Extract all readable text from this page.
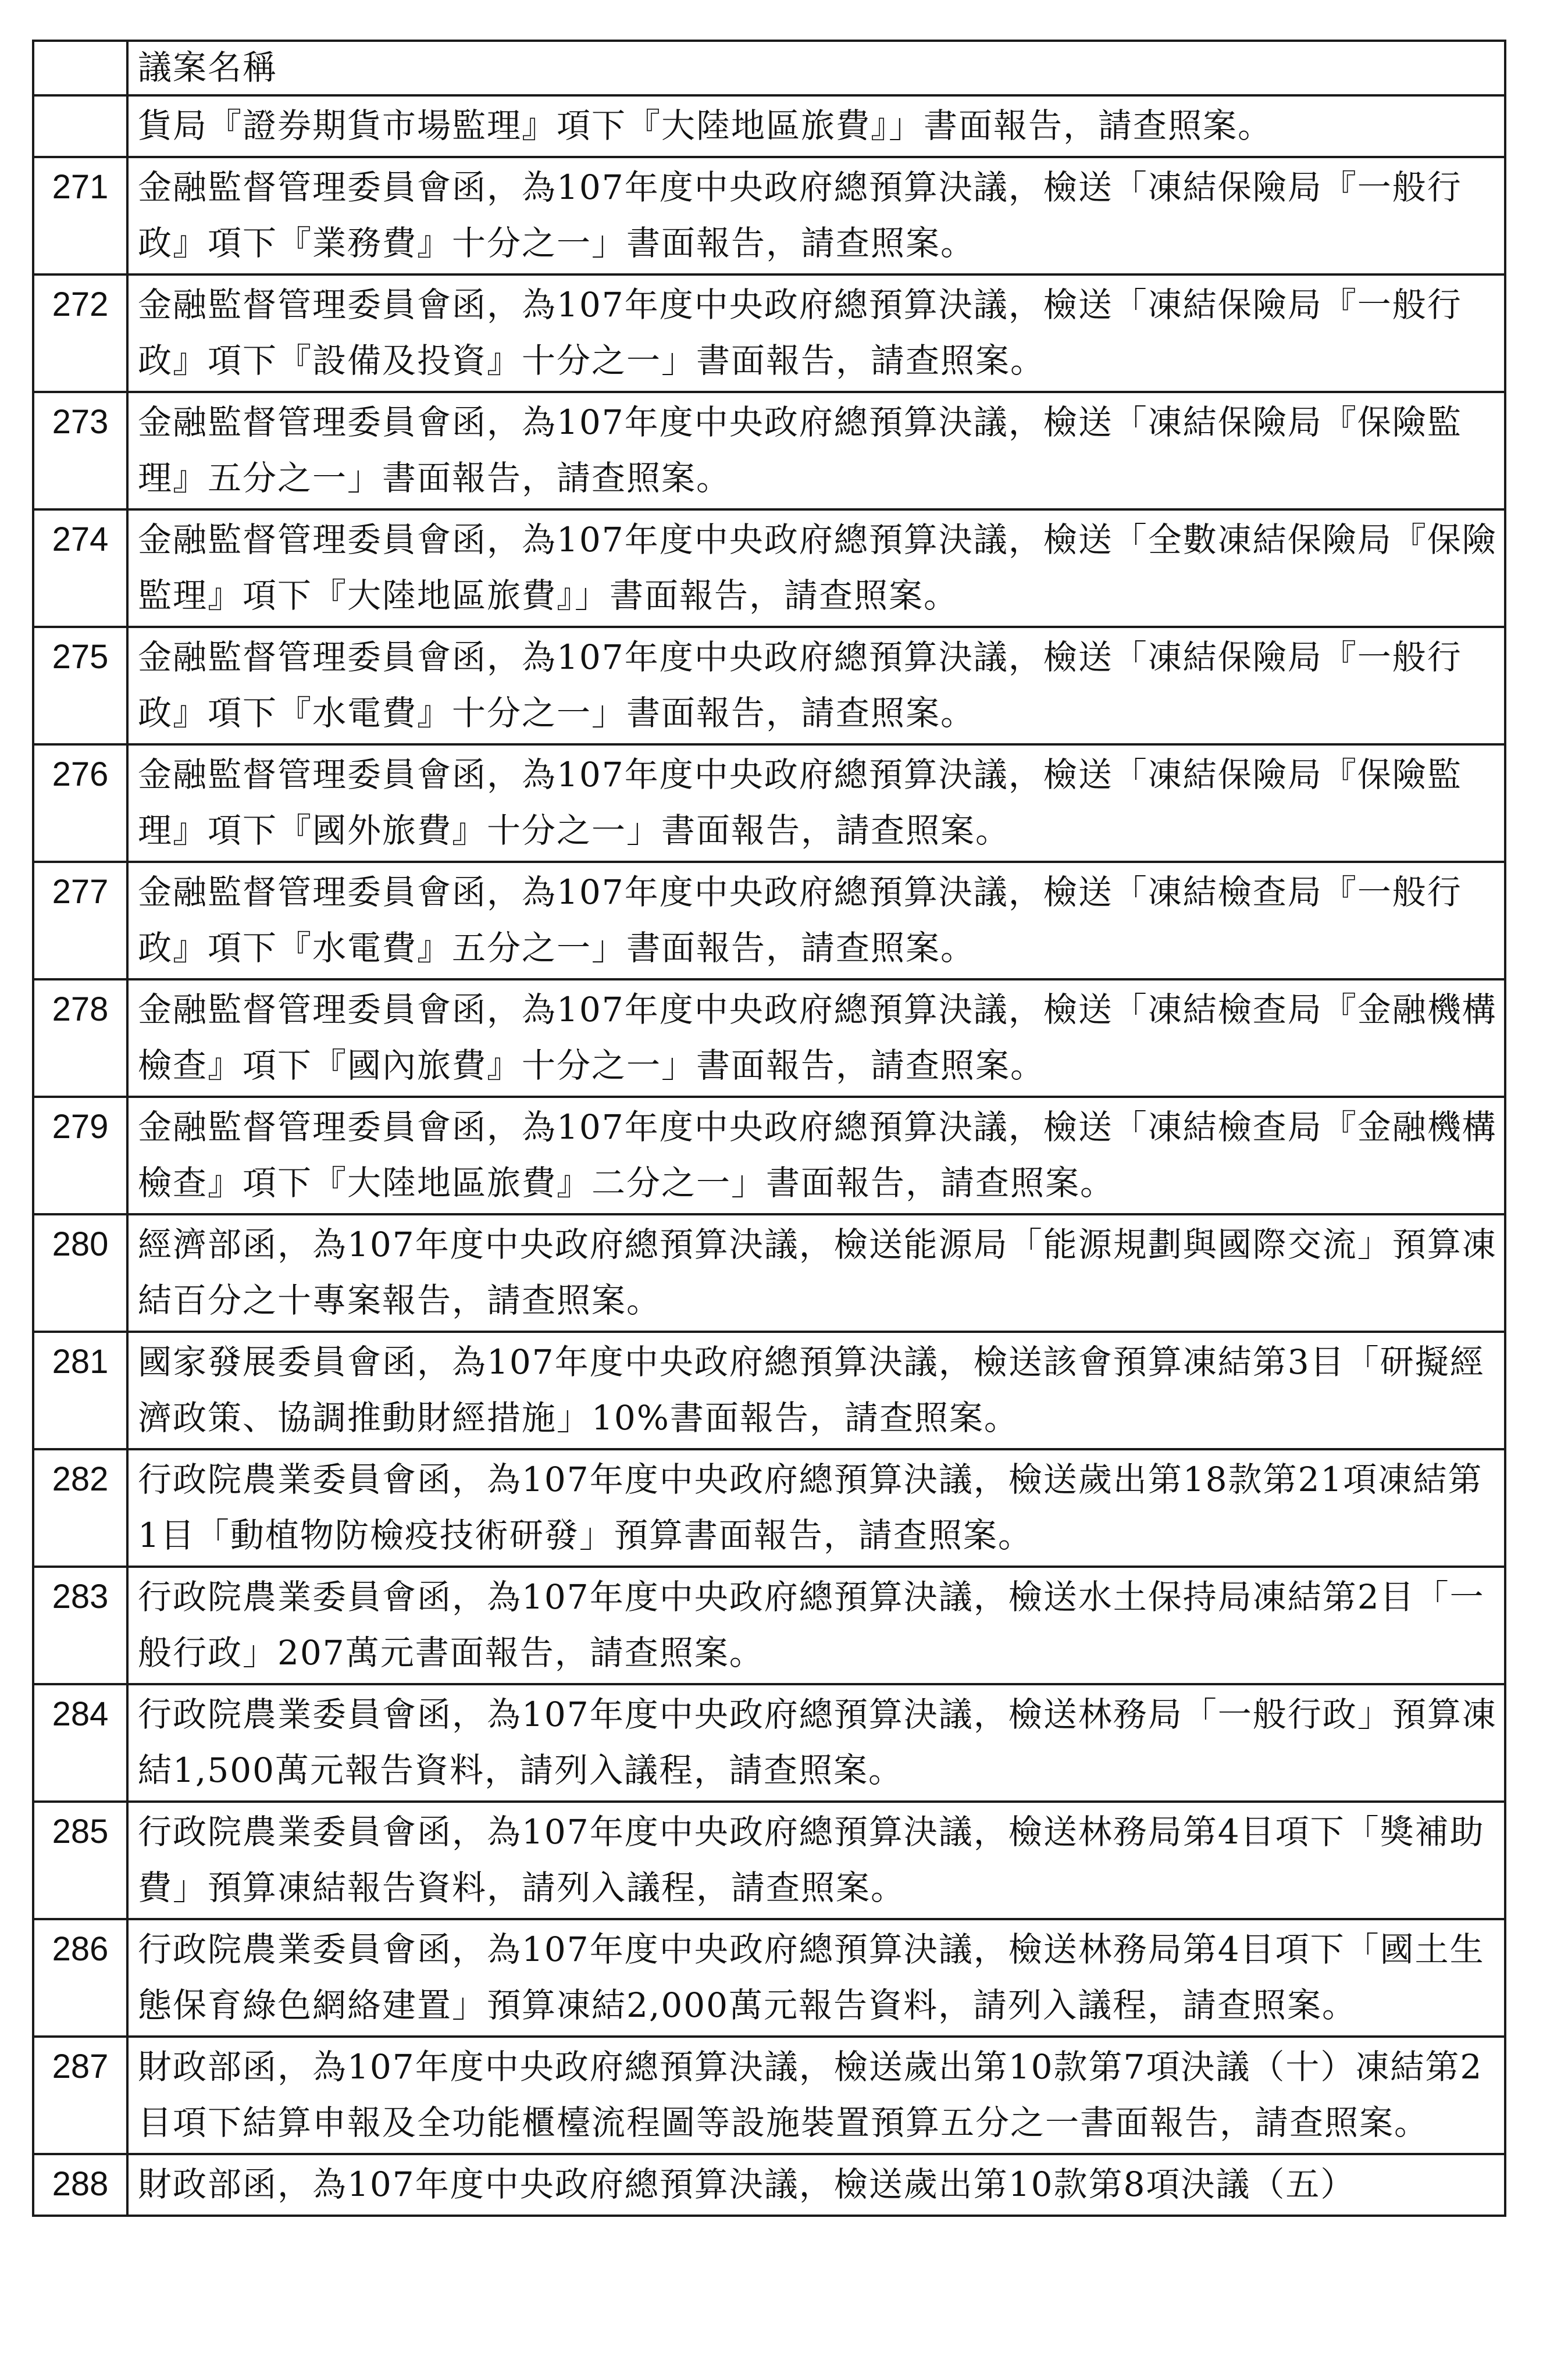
	議案名稱
	貨局『證券期貨市場監理』項下『大陸地區旅費』」書面報告，請查照案。
271	金融監督管理委員會函，為107年度中央政府總預算決議，檢送「凍結保險局『一般行政』項下『業務費』十分之一」書面報告，請查照案。
272	金融監督管理委員會函，為107年度中央政府總預算決議，檢送「凍結保險局『一般行政』項下『設備及投資』十分之一」書面報告，請查照案。
273	金融監督管理委員會函，為107年度中央政府總預算決議，檢送「凍結保險局『保險監理』五分之一」書面報告，請查照案。
274	金融監督管理委員會函，為107年度中央政府總預算決議，檢送「全數凍結保險局『保險監理』項下『大陸地區旅費』」書面報告，請查照案。
275	金融監督管理委員會函，為107年度中央政府總預算決議，檢送「凍結保險局『一般行政』項下『水電費』十分之一」書面報告，請查照案。
276	金融監督管理委員會函，為107年度中央政府總預算決議，檢送「凍結保險局『保險監理』項下『國外旅費』十分之一」書面報告，請查照案。
277	金融監督管理委員會函，為107年度中央政府總預算決議，檢送「凍結檢查局『一般行政』項下『水電費』五分之一」書面報告，請查照案。
278	金融監督管理委員會函，為107年度中央政府總預算決議，檢送「凍結檢查局『金融機構檢查』項下『國內旅費』十分之一」書面報告，請查照案。
279	金融監督管理委員會函，為107年度中央政府總預算決議，檢送「凍結檢查局『金融機構檢查』項下『大陸地區旅費』二分之一」書面報告，請查照案。
280	經濟部函，為107年度中央政府總預算決議，檢送能源局「能源規劃與國際交流」預算凍結百分之十專案報告，請查照案。
281	國家發展委員會函，為107年度中央政府總預算決議，檢送該會預算凍結第3目「研擬經濟政策、協調推動財經措施」10%書面報告，請查照案。
282	行政院農業委員會函，為107年度中央政府總預算決議，檢送歲出第18款第21項凍結第1目「動植物防檢疫技術研發」預算書面報告，請查照案。
283	行政院農業委員會函，為107年度中央政府總預算決議，檢送水土保持局凍結第2目「一般行政」207萬元書面報告，請查照案。
284	行政院農業委員會函，為107年度中央政府總預算決議，檢送林務局「一般行政」預算凍結1,500萬元報告資料，請列入議程，請查照案。
285	行政院農業委員會函，為107年度中央政府總預算決議，檢送林務局第4目項下「獎補助費」預算凍結報告資料，請列入議程，請查照案。
286	行政院農業委員會函，為107年度中央政府總預算決議，檢送林務局第4目項下「國土生態保育綠色網絡建置」預算凍結2,000萬元報告資料，請列入議程，請查照案。
287	財政部函，為107年度中央政府總預算決議，檢送歲出第10款第7項決議（十）凍結第2目項下結算申報及全功能櫃檯流程圖等設施裝置預算五分之一書面報告，請查照案。
288	財政部函，為107年度中央政府總預算決議，檢送歲出第10款第8項決議（五）
